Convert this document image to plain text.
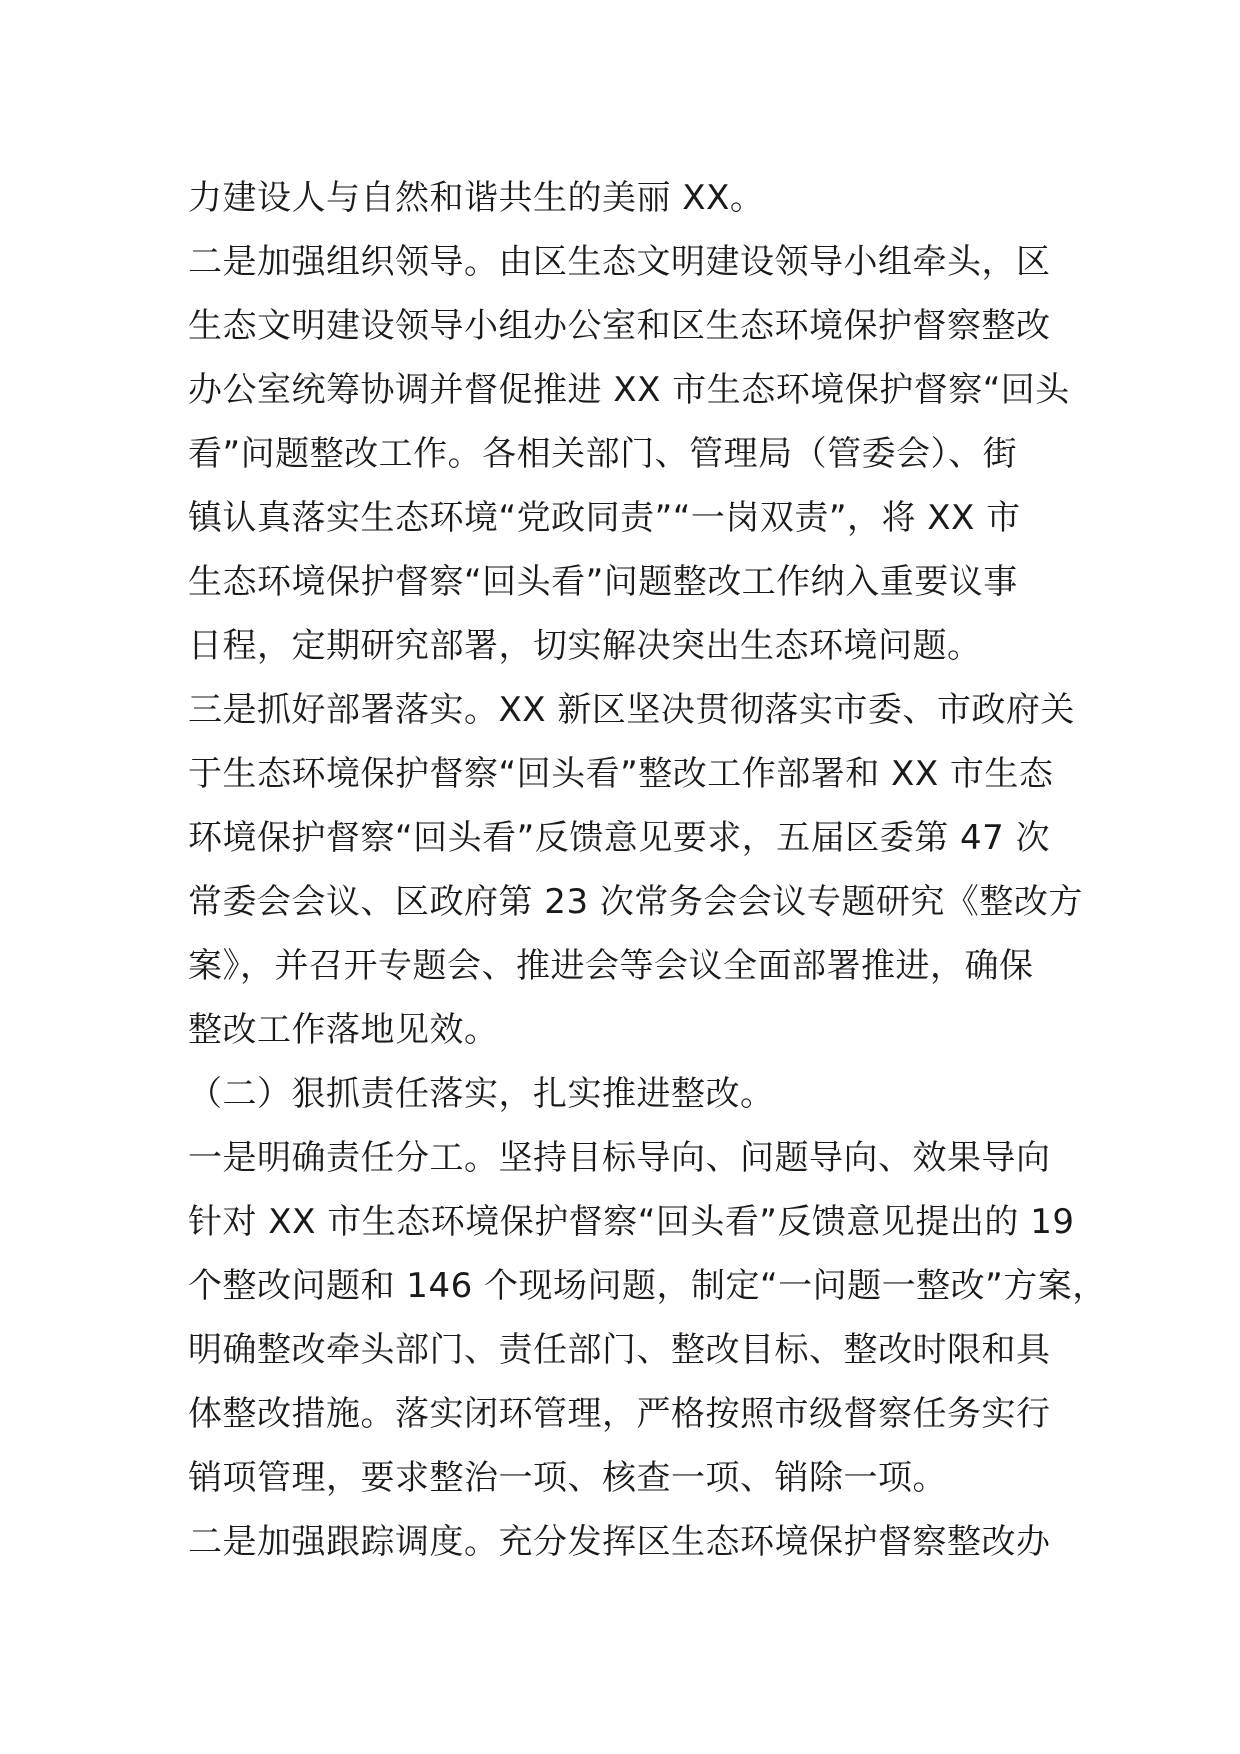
力建设人与自然和谐共生的美丽 XX。
二是加强组织领导。由区生态文明建设领导小组牵头，区
生态文明建设领导小组办公室和区生态环境保护督察整改
办公室统筹协调并督促推进 XX 市生态环境保护督察“回头
看”问题整改工作。各相关部门、管理局（管委会）、街
镇认真落实生态环境“党政同责”“一岗双责”，将 XX 市
生态环境保护督察“回头看”问题整改工作纳入重要议事
日程，定期研究部署，切实解决突出生态环境问题。
三是抓好部署落实。XX 新区坚决贯彻落实市委、市政府关
于生态环境保护督察“回头看”整改工作部署和 XX 市生态
环境保护督察“回头看”反馈意见要求，五届区委第 47 次
常委会会议、区政府第 23 次常务会会议专题研究《整改方
案》，并召开专题会、推进会等会议全面部署推进，确保
整改工作落地见效。
（二）狠抓责任落实，扎实推进整改。
一是明确责任分工。坚持目标导向、问题导向、效果导向
针对 XX 市生态环境保护督察“回头看”反馈意见提出的 19
个整改问题和 146 个现场问题，制定“一问题一整改”方案，
明确整改牵头部门、责任部门、整改目标、整改时限和具
体整改措施。落实闭环管理，严格按照市级督察任务实行
销项管理，要求整治一项、核查一项、销除一项。
二是加强跟踪调度。充分发挥区生态环境保护督察整改办
